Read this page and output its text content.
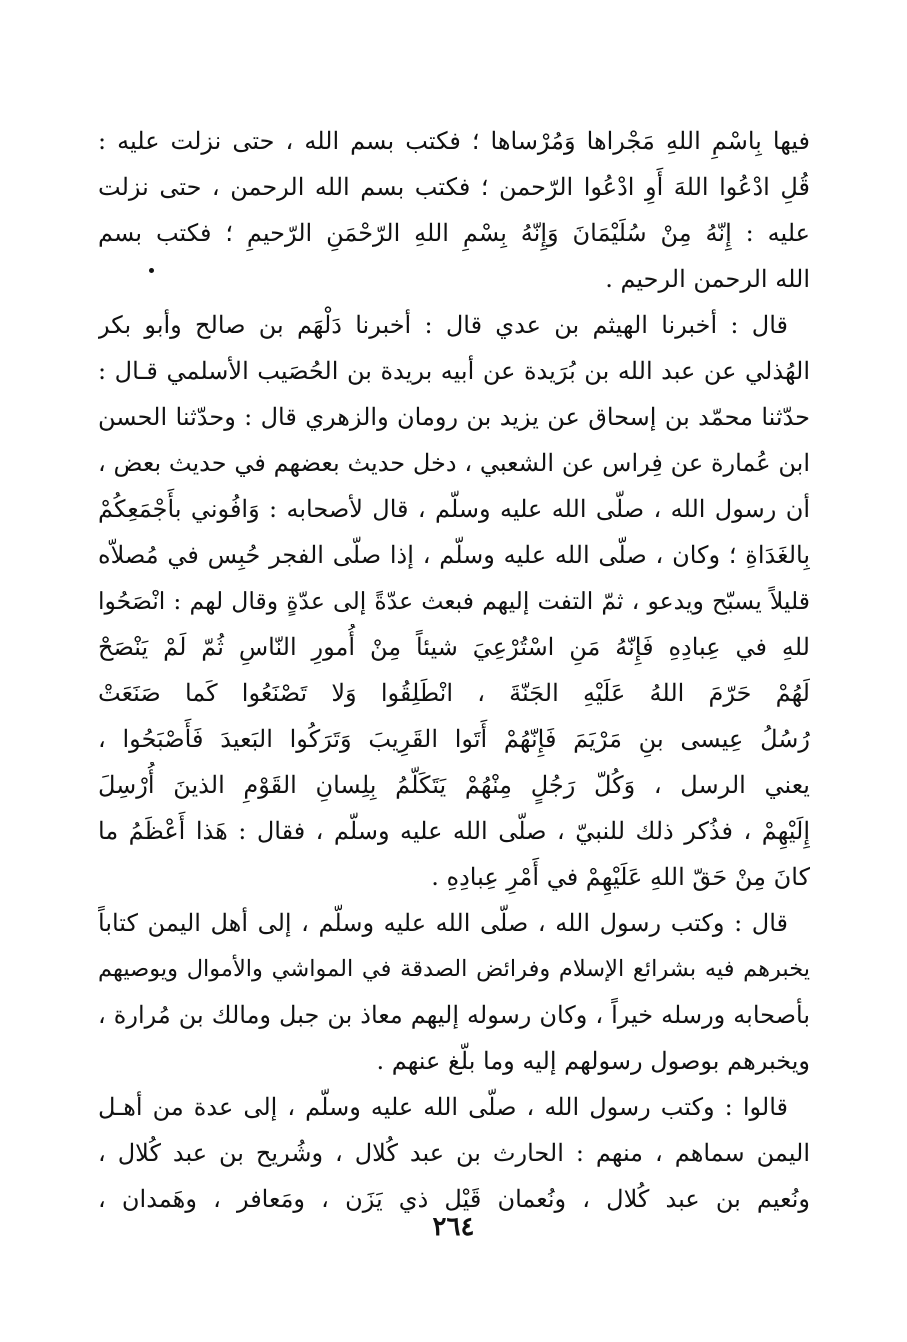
فيها بِاسْمِ اللهِ مَجْراها وَمُرْساها ؛ فكتب بسم الله ، حتى نزلت عليه :
قُلِ ادْعُوا اللهَ أَوِ ادْعُوا الرّحمن ؛ فكتب بسم الله الرحمن ، حتى نزلت
عليه : إِنّهُ مِنْ سُلَيْمَانَ وَإِنّهُ بِسْمِ اللهِ الرّحْمَنِ الرّحيمِ ؛ فكتب بسم
الله الرحمن الرحيم .
قال : أخبرنا الهيثم بن عدي قال : أخبرنا دَلْهَم بن صالح وأبو بكر
الهُذلي عن عبد الله بن بُرَيدة عن أبيه بريدة بن الحُصَيب الأسلمي قـال :
حدّثنا محمّد بن إسحاق عن يزيد بن رومان والزهري قال : وحدّثنا الحسن
ابن عُمارة عن فِراس عن الشعبي ، دخل حديث بعضهم في حديث بعض ،
أن رسول الله ، صلّى الله عليه وسلّم ، قال لأصحابه : وَافُوني بأَجْمَعِكُمْ
بِالغَدَاةِ ؛ وكان ، صلّى الله عليه وسلّم ، إذا صلّى الفجر حُبِس في مُصلاّه
قليلاً يسبّح ويدعو ، ثمّ التفت إليهم فبعث عدّةً إلى عدّةٍ وقال لهم : انْصَحُوا
للهِ في عِبادِهِ فَإِنّهُ مَنِ اسْتُرْعِيَ شيئاً مِنْ أُمورِ النّاسِ ثُمّ لَمْ يَنْصَحْ
لَهُمْ حَرّمَ اللهُ عَلَيْهِ الجَنّةَ ، انْطَلِقُوا وَلا تَصْنَعُوا كَما صَنَعَتْ
رُسُلُ عِيسى بنِ مَرْيَمَ فَإِنّهُمْ أَتَوا القَرِيبَ وَتَرَكُوا البَعيدَ فَأَصْبَحُوا ،
يعني الرسل ، وَكُلّ رَجُلٍ مِنْهُمْ يَتَكَلّمُ بِلِسانِ القَوْمِ الذينَ أُرْسِلَ
إِلَيْهِمْ ، فذُكر ذلك للنبيّ ، صلّى الله عليه وسلّم ، فقال : هَذا أَعْظَمُ ما
كانَ مِنْ حَقّ اللهِ عَلَيْهِمْ في أَمْرِ عِبادِهِ .
قال : وكتب رسول الله ، صلّى الله عليه وسلّم ، إلى أهل اليمن كتاباً
يخبرهم فيه بشرائع الإسلام وفرائض الصدقة في المواشي والأموال ويوصيهم
بأصحابه ورسله خيراً ، وكان رسوله إليهم معاذ بن جبل ومالك بن مُرارة ،
ويخبرهم بوصول رسولهم إليه وما بلّغ عنهم .
قالوا : وكتب رسول الله ، صلّى الله عليه وسلّم ، إلى عدة من أهـل
اليمن سماهم ، منهم : الحارث بن عبد كُلال ، وشُريح بن عبد كُلال ،
ونُعيم بن عبد كُلال ، ونُعمان قَيْل ذي يَزَن ، ومَعافر ، وهَمدان ،
٢٦٤
